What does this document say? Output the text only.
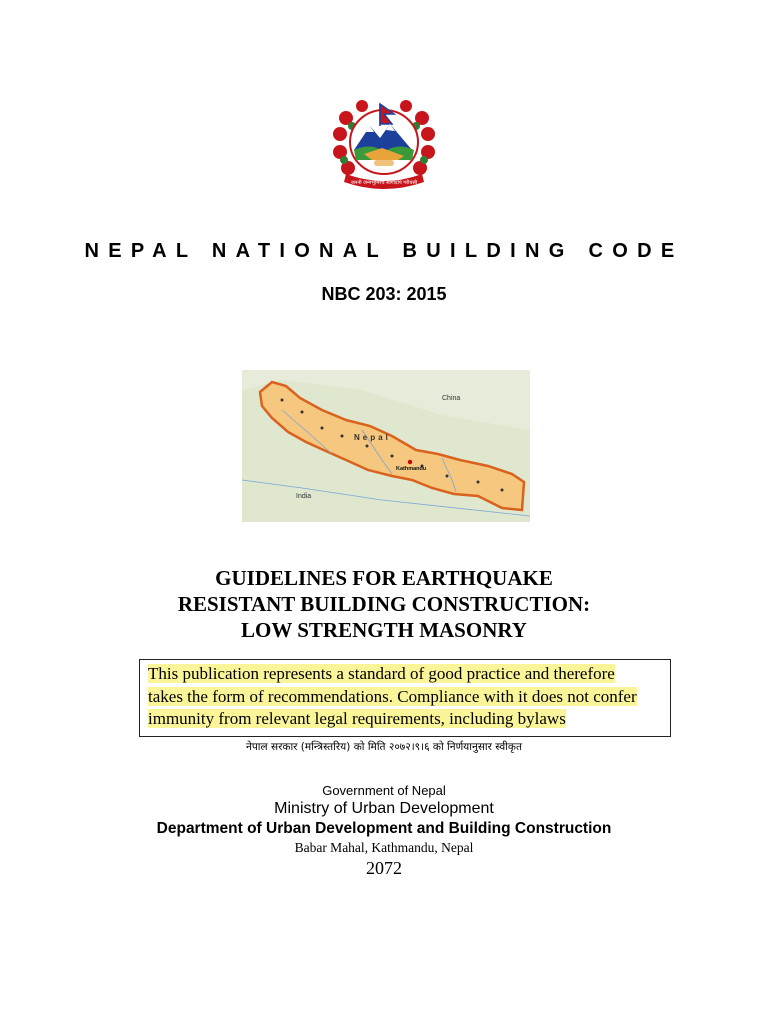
जननी जन्मभूमिश्च स्वर्गादपि गरीयसी
NEPAL NATIONAL BUILDING CODE
NBC 203: 2015
China
Nepal
Kathmandu
India
GUIDELINES FOR EARTHQUAKE
RESISTANT BUILDING CONSTRUCTION:
LOW STRENGTH MASONRY
This publication represents a standard of good practice and therefore
takes the form of recommendations. Compliance with it does not confer
immunity from relevant legal requirements, including bylaws
नेपाल सरकार (मन्त्रिस्तरिय) को मिति २०७२।९।६ को निर्णयानुसार स्वीकृत
Government of Nepal
Ministry of Urban Development
Department of Urban Development and Building Construction
Babar Mahal, Kathmandu, Nepal
2072
